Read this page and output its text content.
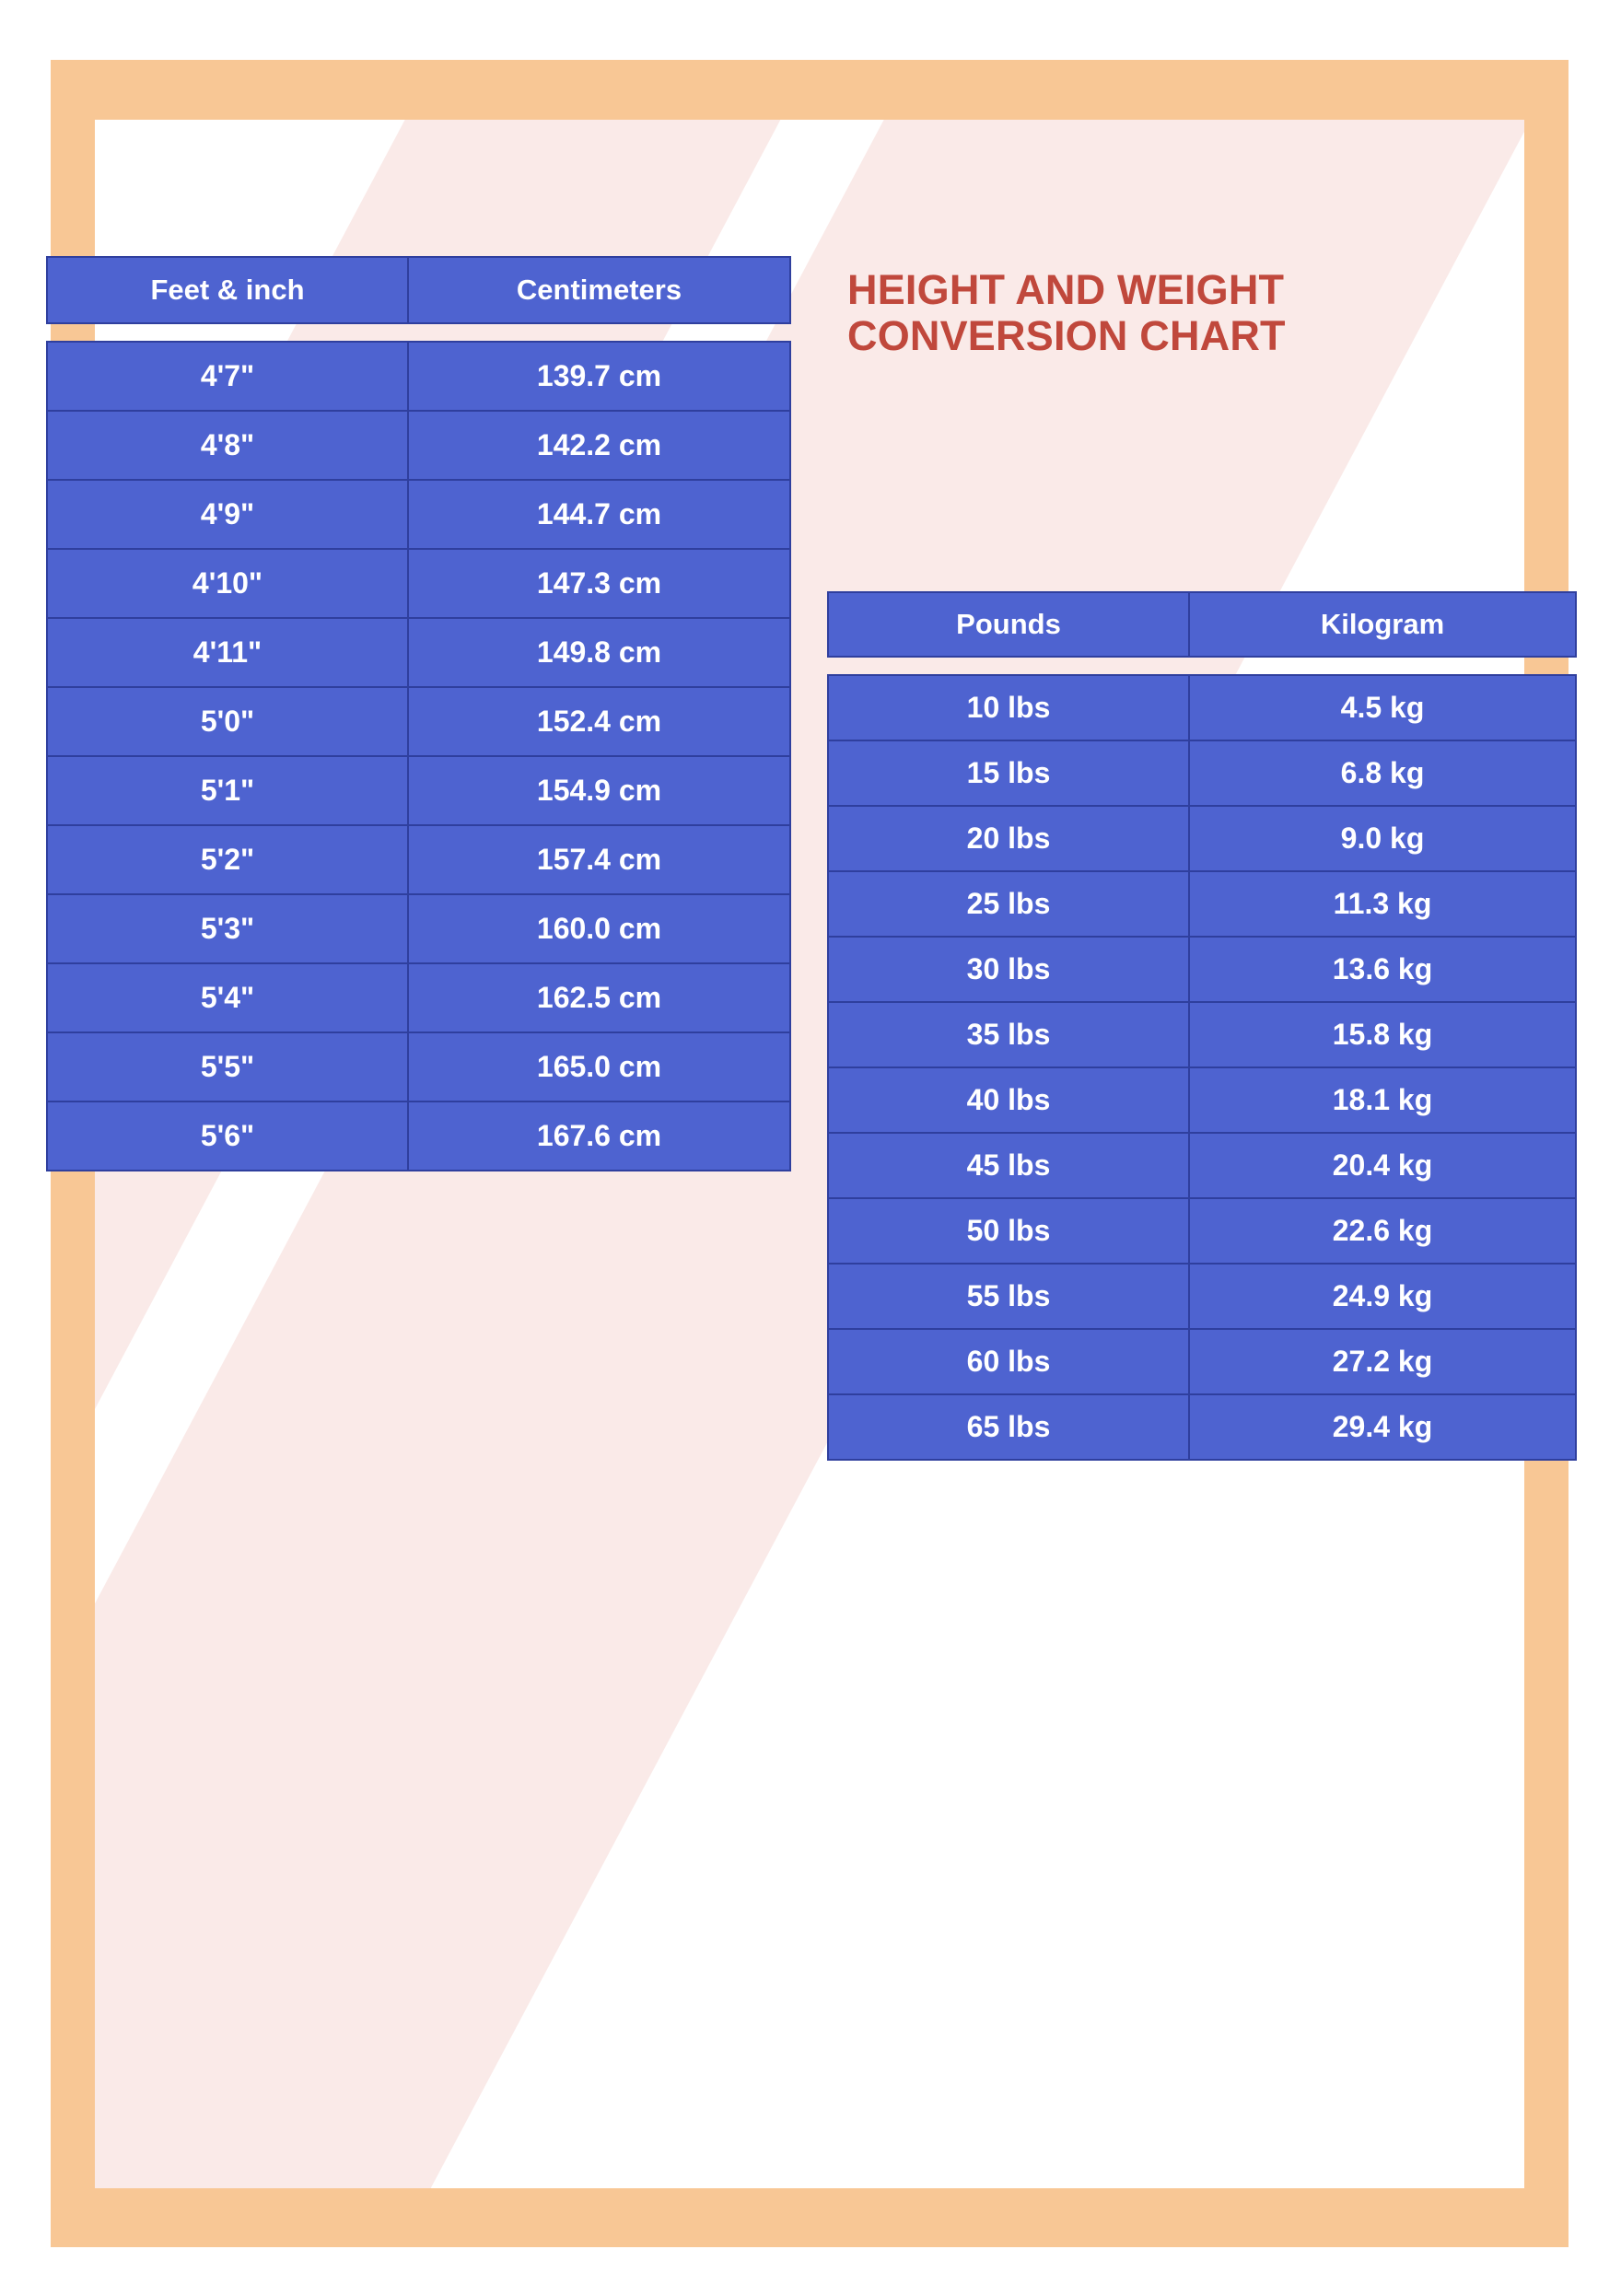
HEIGHT AND WEIGHT CONVERSION CHART
Feet & inch	Centimeters
4'7"	139.7 cm
4'8"	142.2 cm
4'9"	144.7 cm
4'10"	147.3 cm
4'11"	149.8 cm
5'0"	152.4 cm
5'1"	154.9 cm
5'2"	157.4 cm
5'3"	160.0 cm
5'4"	162.5 cm
5'5"	165.0 cm
5'6"	167.6 cm
Pounds	Kilogram
10 lbs	4.5 kg
15 lbs	6.8 kg
20 lbs	9.0 kg
25 lbs	11.3 kg
30 lbs	13.6 kg
35 lbs	15.8 kg
40 lbs	18.1 kg
45 lbs	20.4 kg
50 lbs	22.6 kg
55 lbs	24.9 kg
60 lbs	27.2 kg
65 lbs	29.4 kg
